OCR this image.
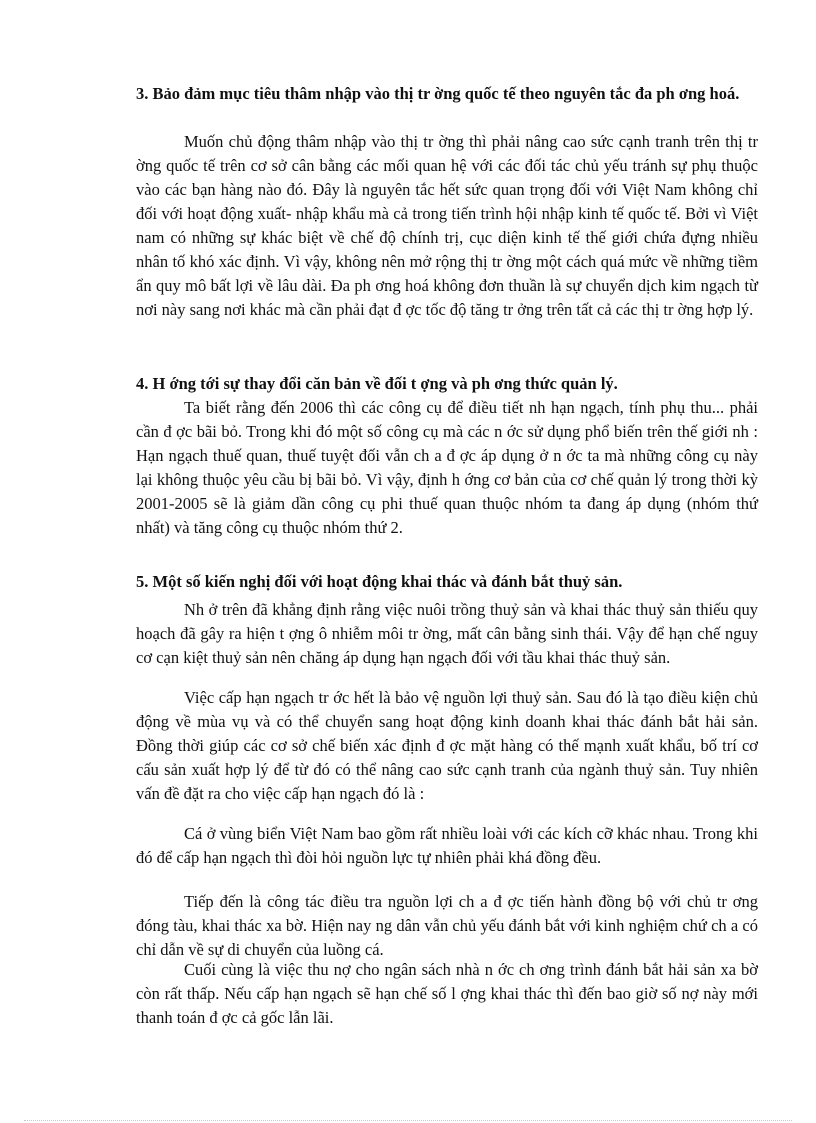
3. Bảo đảm mục tiêu thâm nhập vào thị tr ờng quốc tế theo nguyên tắc đa ph ơng hoá.

Muốn chủ động thâm nhập vào thị tr ờng thì phải nâng cao sức cạnh tranh trên thị tr ờng quốc tế trên cơ sở cân bằng các mối quan hệ với các đối tác chủ yếu tránh sự phụ thuộc vào các bạn hàng nào đó. Đây là nguyên tắc hết sức quan trọng đối với Việt Nam không chỉ đối với hoạt động xuất- nhập khẩu mà cả trong tiến trình hội nhập kinh tế quốc tế. Bởi vì Việt nam có những sự khác biệt về chế độ chính trị, cục diện kinh tế thế giới chứa đựng nhiều nhân tố khó xác định. Vì vậy, không nên mở rộng thị tr ờng một cách quá mức về những tiềm ẩn quy mô bất lợi về lâu dài. Đa ph ơng hoá không đơn thuần là sự chuyển dịch kim ngạch từ nơi này sang nơi khác mà cần phải đạt đ ợc tốc độ tăng tr ởng trên tất cả các thị tr ờng hợp lý.

4. H ớng tới sự thay đổi căn bản về đối t ợng và ph ơng thức quản lý.

Ta biết rằng đến 2006 thì các công cụ để điều tiết nh hạn ngạch, tính phụ thu... phải cần đ ợc bãi bỏ. Trong khi đó một số công cụ mà các n ớc sử dụng phổ biến trên thế giới nh : Hạn ngạch thuế quan, thuế tuyệt đối vẫn ch a đ ợc áp dụng ở n ớc ta mà những công cụ này lại không thuộc yêu cầu bị bãi bỏ. Vì vậy, định h ớng cơ bản của cơ chế quản lý trong thời kỳ 2001-2005 sẽ là giảm dần công cụ phi thuế quan thuộc nhóm ta đang áp dụng (nhóm thứ nhất) và tăng công cụ thuộc nhóm thứ 2.

5. Một số kiến nghị đối với hoạt động khai thác và đánh bắt thuỷ sản.

Nh ở trên đã khẳng định rằng việc nuôi trồng thuỷ sản và khai thác thuỷ sản thiếu quy hoạch đã gây ra hiện t ợng ô nhiễm môi tr ờng, mất cân bằng sinh thái. Vậy để hạn chế nguy cơ cạn kiệt thuỷ sản nên chăng áp dụng hạn ngạch đối với tầu khai thác thuỷ sản.

Việc cấp hạn ngạch tr ớc hết là bảo vệ nguồn lợi thuỷ sản. Sau đó là tạo điều kiện chủ động về mùa vụ và có thể chuyển sang hoạt động kinh doanh khai thác đánh bắt hải sản. Đồng thời giúp các cơ sở chế biến xác định đ ợc mặt hàng có thế mạnh xuất khẩu, bố trí cơ cấu sản xuất hợp lý để từ đó có thể nâng cao sức cạnh tranh của ngành thuỷ sản. Tuy nhiên vấn đề đặt ra cho việc cấp hạn ngạch đó là :

Cá ở vùng biển Việt Nam bao gồm rất nhiều loài với các kích cỡ khác nhau. Trong khi đó để cấp hạn ngạch thì đòi hỏi nguồn lực tự nhiên phải khá đồng đều.

Tiếp đến là công tác điều tra nguồn lợi ch a đ ợc tiến hành đồng bộ với chủ tr ơng đóng tàu, khai thác xa bờ. Hiện nay ng dân vẫn chủ yếu đánh bắt với kinh nghiệm chứ ch a có chỉ dẫn về sự di chuyển của luồng cá.

Cuối cùng là việc thu nợ cho ngân sách nhà n ớc ch ơng trình đánh bắt hải sản xa bờ còn rất thấp. Nếu cấp hạn ngạch sẽ hạn chế số l ợng khai thác thì đến bao giờ số nợ này mới thanh toán đ ợc cả gốc lẫn lãi.
